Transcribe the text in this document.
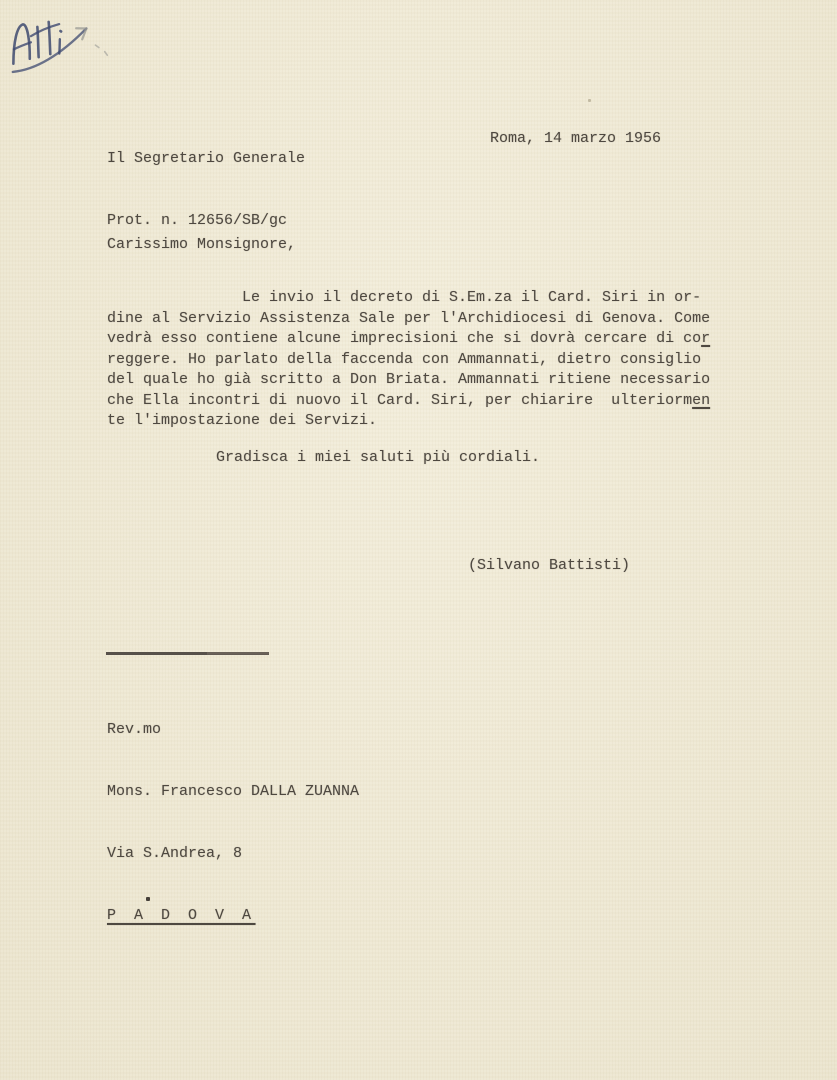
Il Segretario Generale

Prot. n. 12656/SB/gc

Roma, 14 marzo 1956
Carissimo Monsignore,
Le invio il decreto di S.Em.za il Card. Siri in or-
dine al Servizio Assistenza Sale per l'Archidiocesi di Genova. Come
vedrà esso contiene alcune imprecisioni che si dovrà cercare di cor
reggere. Ho parlato della faccenda con Ammannati, dietro consiglio
del quale ho già scritto a Don Briata. Ammannati ritiene necessario
che Ella incontri di nuovo il Card. Siri, per chiarire  ulteriormen
te l'impostazione dei Servizi.
Gradisca i miei saluti più cordiali.
(Silvano Battisti)

Rev.mo

Mons. Francesco DALLA ZUANNA

Via S.Andrea, 8

P A D O V A
